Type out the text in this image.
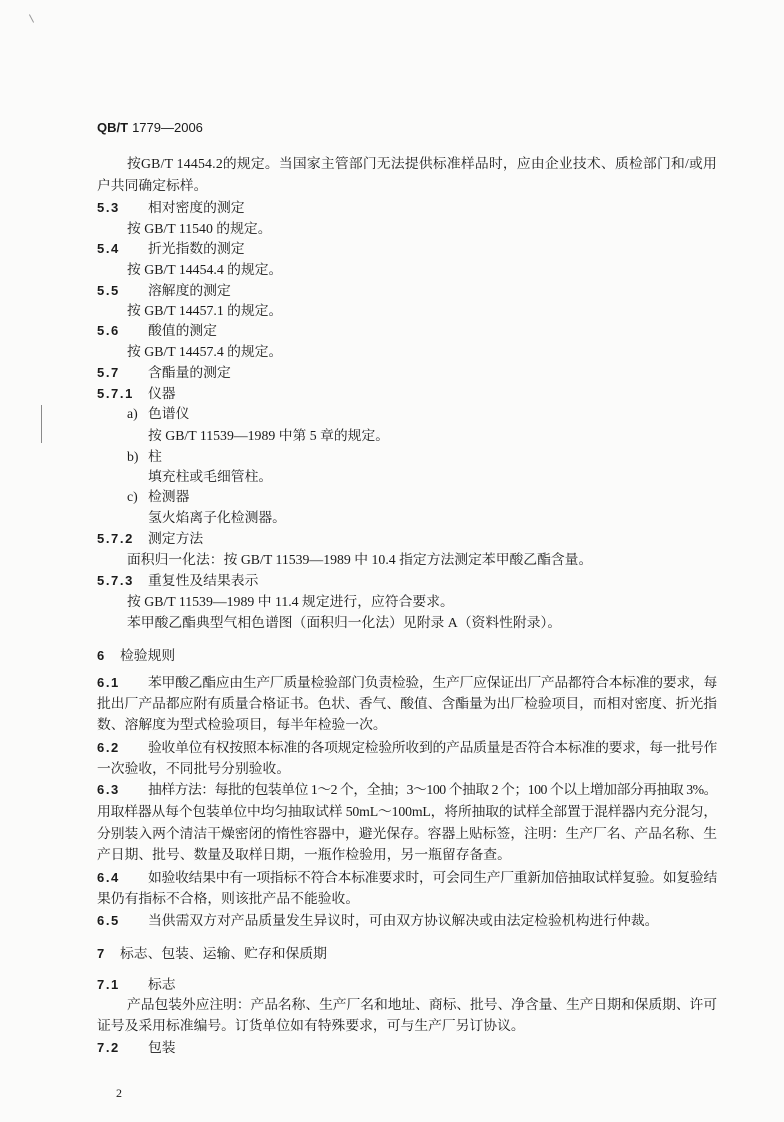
QB/T 1779—2006
按GB/T 14454.2的规定。当国家主管部门无法提供标准样品时，应由企业技术、质检部门和/或用
户共同确定标样。
5.3 相对密度的测定
按 GB/T 11540 的规定。
5.4 折光指数的测定
按 GB/T 14454.4 的规定。
5.5 溶解度的测定
按 GB/T 14457.1 的规定。
5.6 酸值的测定
按 GB/T 14457.4 的规定。
5.7 含酯量的测定
5.7.1 仪器
a) 色谱仪
按 GB/T 11539—1989 中第 5 章的规定。
b) 柱
填充柱或毛细管柱。
c) 检测器
氢火焰离子化检测器。
5.7.2 测定方法
面积归一化法：按 GB/T 11539—1989 中 10.4 指定方法测定苯甲酸乙酯含量。
5.7.3 重复性及结果表示
按 GB/T 11539—1989 中 11.4 规定进行，应符合要求。
苯甲酸乙酯典型气相色谱图（面积归一化法）见附录 A（资料性附录）。
6 检验规则
6.1 苯甲酸乙酯应由生产厂质量检验部门负责检验，生产厂应保证出厂产品都符合本标准的要求，每
批出厂产品都应附有质量合格证书。色状、香气、酸值、含酯量为出厂检验项目，而相对密度、折光指
数、溶解度为型式检验项目，每半年检验一次。
6.2 验收单位有权按照本标准的各项规定检验所收到的产品质量是否符合本标准的要求，每一批号作
一次验收，不同批号分别验收。
6.3 抽样方法：每批的包装单位 1～2 个，全抽；3～100 个抽取 2 个；100 个以上增加部分再抽取 3%。
用取样器从每个包装单位中均匀抽取试样 50mL～100mL，将所抽取的试样全部置于混样器内充分混匀，
分别装入两个清洁干燥密闭的惰性容器中，避光保存。容器上贴标签，注明：生产厂名、产品名称、生
产日期、批号、数量及取样日期，一瓶作检验用，另一瓶留存备查。
6.4 如验收结果中有一项指标不符合本标准要求时，可会同生产厂重新加倍抽取试样复验。如复验结
果仍有指标不合格，则该批产品不能验收。
6.5 当供需双方对产品质量发生异议时，可由双方协议解决或由法定检验机构进行仲裁。
7 标志、包装、运输、贮存和保质期
7.1 标志
产品包装外应注明：产品名称、生产厂名和地址、商标、批号、净含量、生产日期和保质期、许可
证号及采用标准编号。订货单位如有特殊要求，可与生产厂另订协议。
7.2 包装
2
